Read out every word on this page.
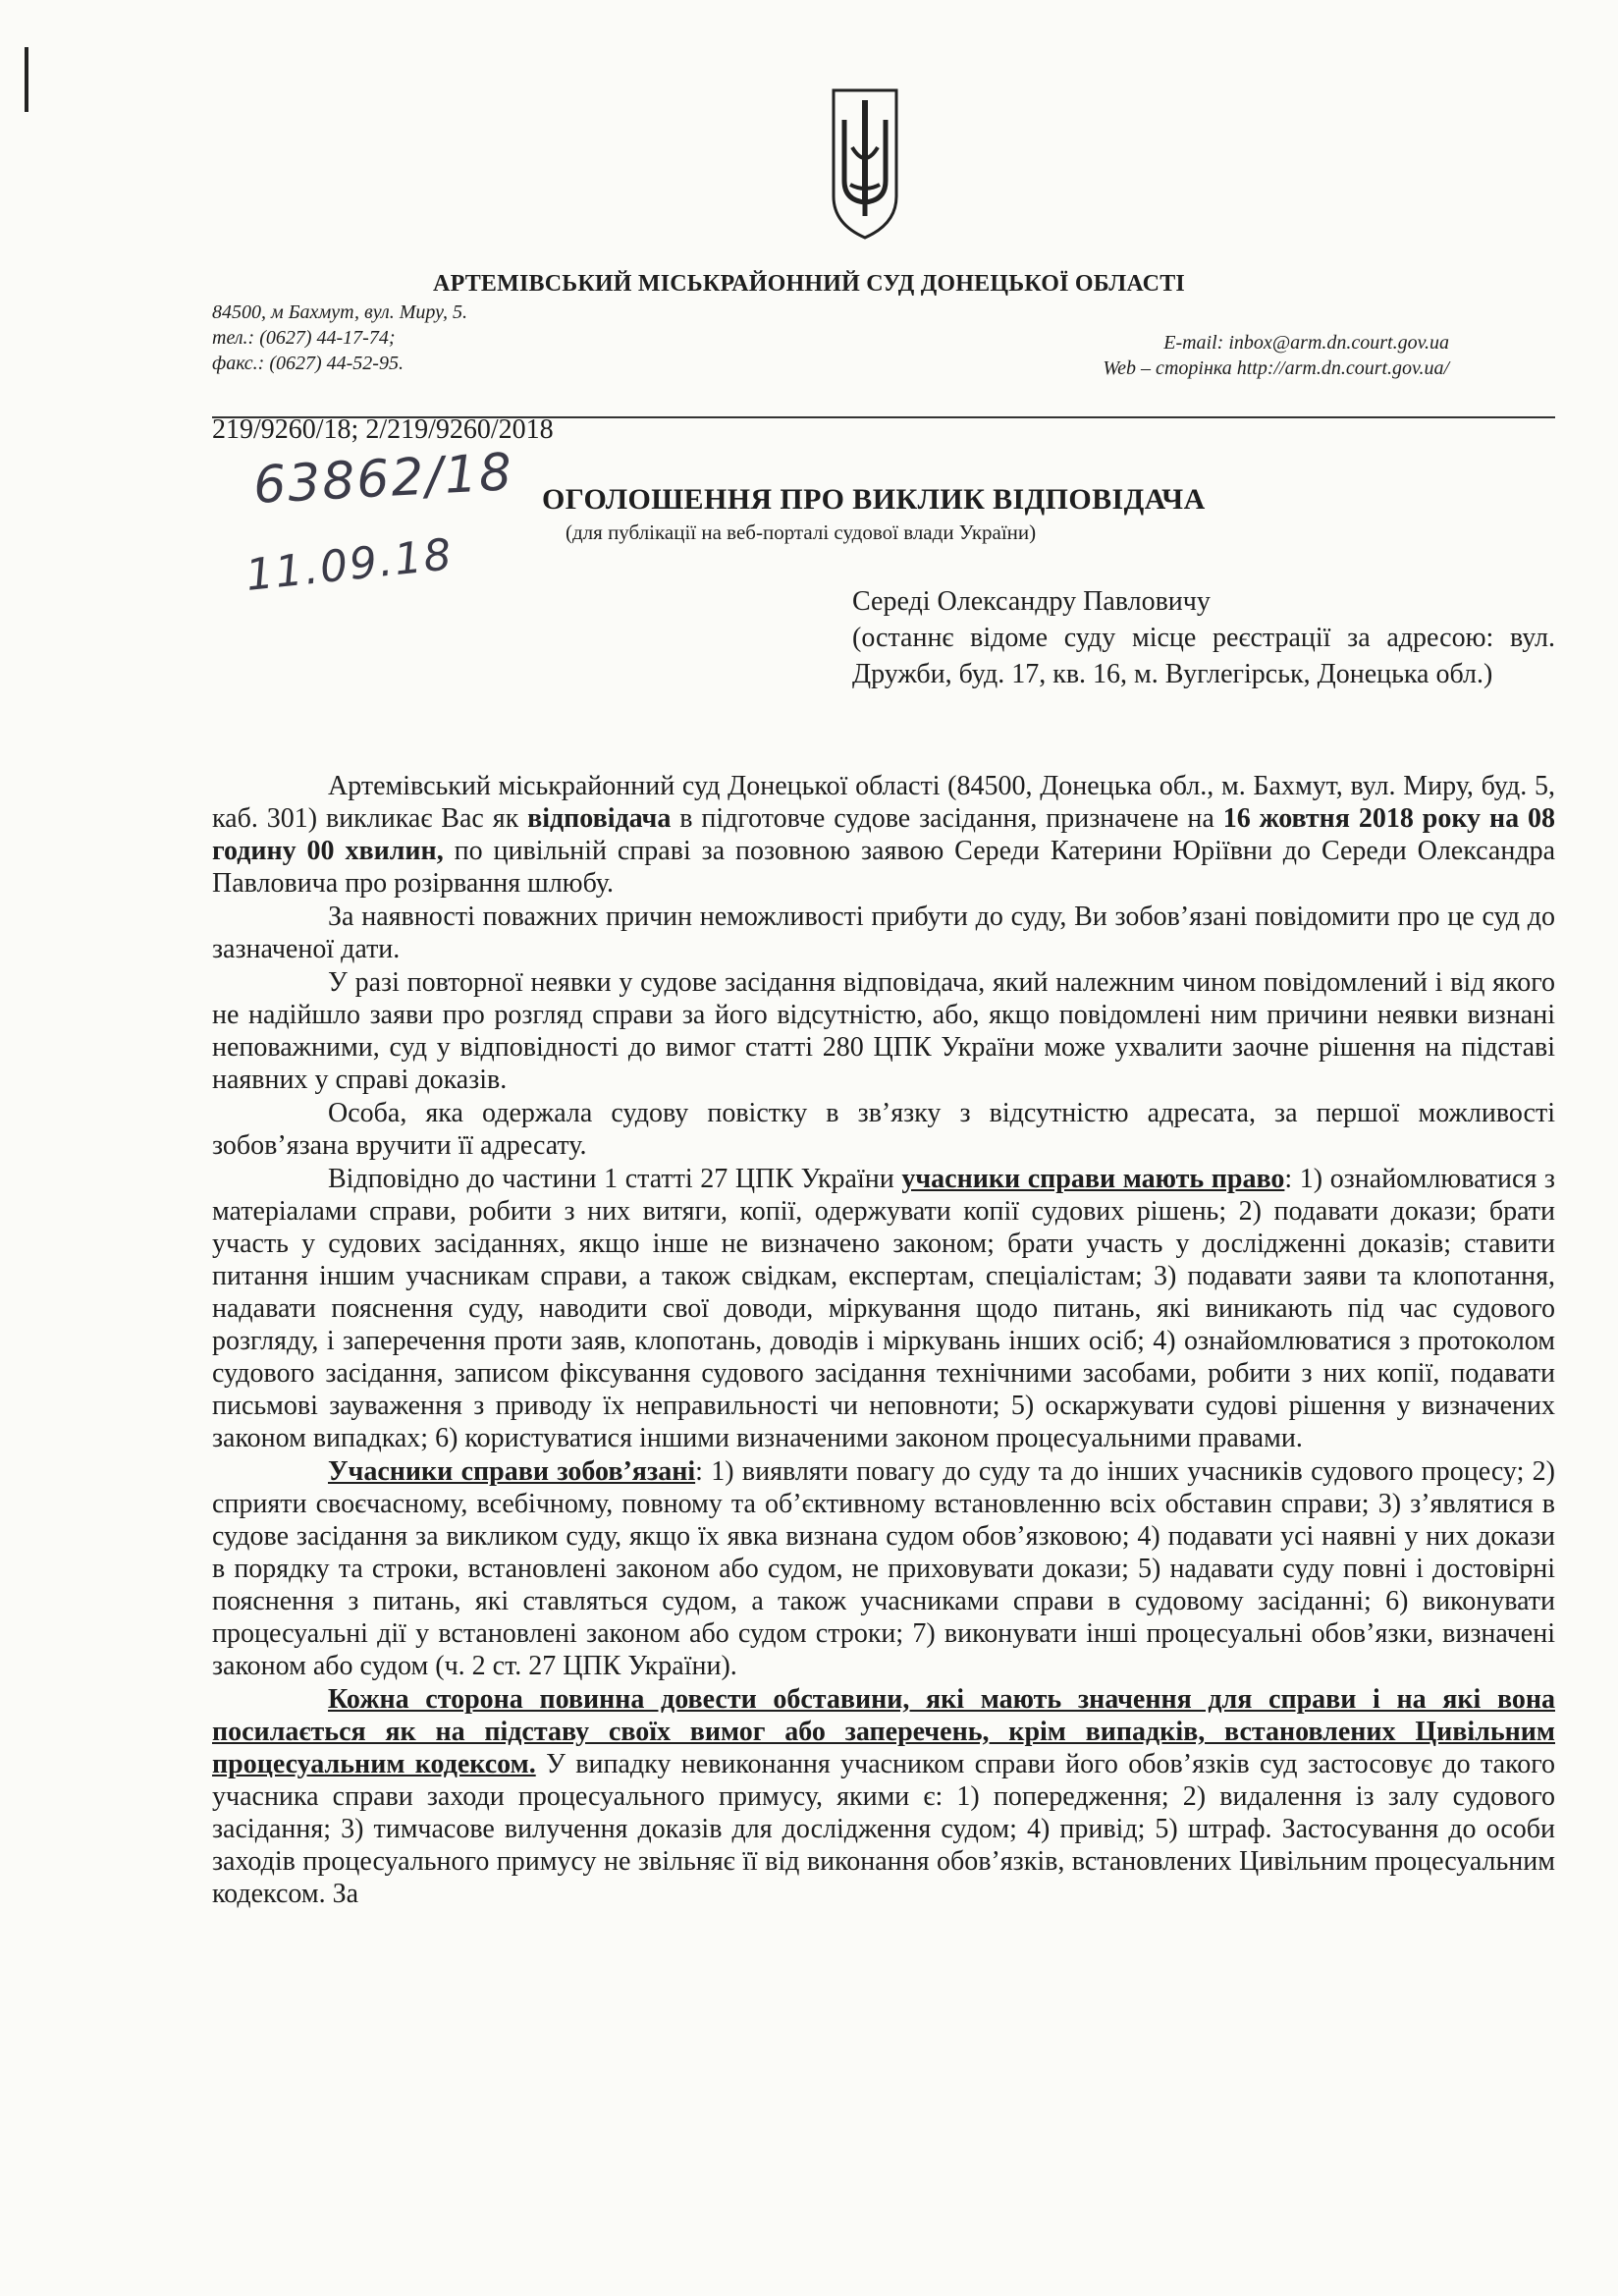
АРТЕМІВСЬКИЙ МІСЬКРАЙОННИЙ СУД ДОНЕЦЬКОЇ ОБЛАСТІ
84500, м Бахмут, вул. Миру, 5.
тел.: (0627) 44-17-74;
факс.: (0627) 44-52-95.
E-mail: inbox@arm.dn.court.gov.ua
Web – сторінка http://arm.dn.court.gov.ua/
219/9260/18; 2/219/9260/2018
63862/18
11.09.18
ОГОЛОШЕННЯ ПРО ВИКЛИК ВІДПОВІДАЧА
(для публікації на веб-порталі судової влади України)
Середі Олександру Павловичу
(останнє відоме суду місце реєстрації за адресою: вул. Дружби, буд. 17, кв. 16, м. Вуглегірськ, Донецька обл.)

Артемівський міськрайонний суд Донецької області (84500, Донецька обл., м. Бахмут, вул. Миру, буд. 5, каб. 301) викликає Вас як відповідача в підготовче судове засідання, призначене на 16 жовтня 2018 року на 08 годину 00 хвилин, по цивільній справі за позовною заявою Середи Катерини Юріївни до Середи Олександра Павловича про розірвання шлюбу.

За наявності поважних причин неможливості прибути до суду, Ви зобов’язані повідомити про це суд до зазначеної дати.

У разі повторної неявки у судове засідання відповідача, який належним чином повідомлений і від якого не надійшло заяви про розгляд справи за його відсутністю, або, якщо повідомлені ним причини неявки визнані неповажними, суд у відповідності до вимог статті 280 ЦПК України може ухвалити заочне рішення на підставі наявних у справі доказів.

Особа, яка одержала судову повістку в зв’язку з відсутністю адресата, за першої можливості зобов’язана вручити її адресату.

Відповідно до частини 1 статті 27 ЦПК України учасники справи мають право: 1) ознайомлюватися з матеріалами справи, робити з них витяги, копії, одержувати копії судових рішень; 2) подавати докази; брати участь у судових засіданнях, якщо інше не визначено законом; брати участь у дослідженні доказів; ставити питання іншим учасникам справи, а також свідкам, експертам, спеціалістам; 3) подавати заяви та клопотання, надавати пояснення суду, наводити свої доводи, міркування щодо питань, які виникають під час судового розгляду, і заперечення проти заяв, клопотань, доводів і міркувань інших осіб; 4) ознайомлюватися з протоколом судового засідання, записом фіксування судового засідання технічними засобами, робити з них копії, подавати письмові зауваження з приводу їх неправильності чи неповноти; 5) оскаржувати судові рішення у визначених законом випадках; 6) користуватися іншими визначеними законом процесуальними правами.

Учасники справи зобов’язані: 1) виявляти повагу до суду та до інших учасників судового процесу; 2) сприяти своєчасному, всебічному, повному та об’єктивному встановленню всіх обставин справи; 3) з’являтися в судове засідання за викликом суду, якщо їх явка визнана судом обов’язковою; 4) подавати усі наявні у них докази в порядку та строки, встановлені законом або судом, не приховувати докази; 5) надавати суду повні і достовірні пояснення з питань, які ставляться судом, а також учасниками справи в судовому засіданні; 6) виконувати процесуальні дії у встановлені законом або судом строки; 7) виконувати інші процесуальні обов’язки, визначені законом або судом (ч. 2 ст. 27 ЦПК України).

Кожна сторона повинна довести обставини, які мають значення для справи і на які вона посилається як на підставу своїх вимог або заперечень, крім випадків, встановлених Цивільним процесуальним кодексом. У випадку невиконання учасником справи його обов’язків суд застосовує до такого учасника справи заходи процесуального примусу, якими є: 1) попередження; 2) видалення із залу судового засідання; 3) тимчасове вилучення доказів для дослідження судом; 4) привід; 5) штраф. Застосування до особи заходів процесуального примусу не звільняє її від виконання обов’язків, встановлених Цивільним процесуальним кодексом. За
